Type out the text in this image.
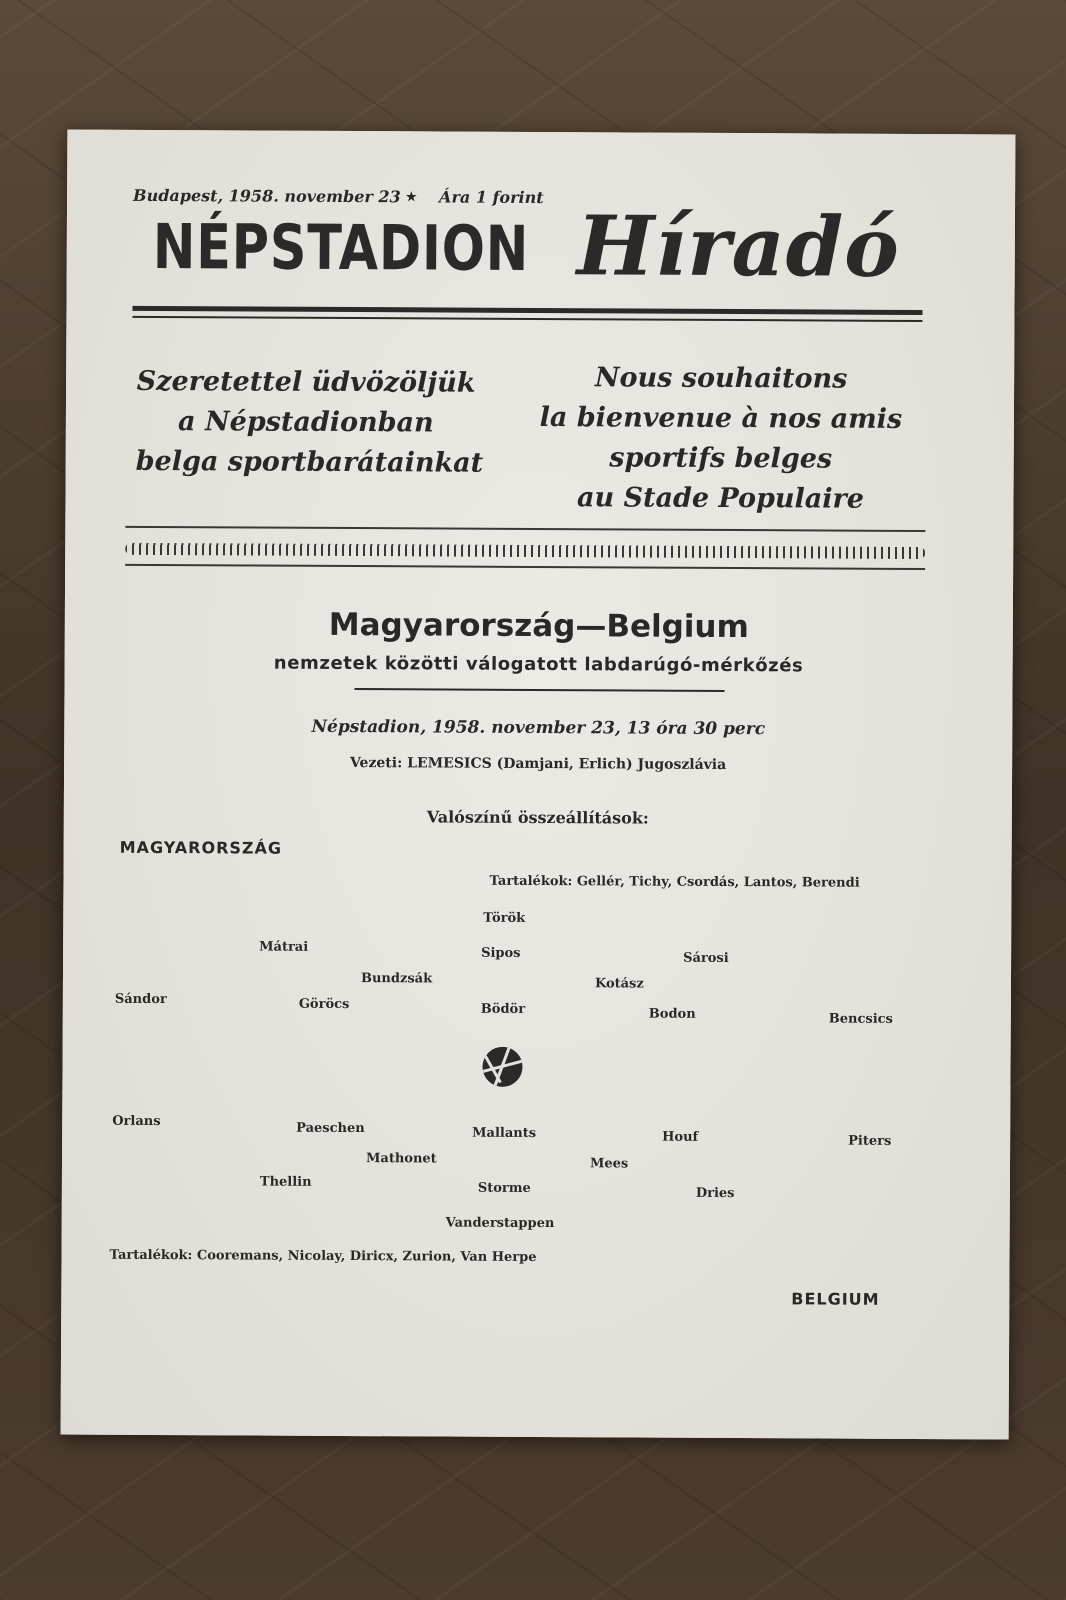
Budapest, 1958. november 23 ★ Ára 1 forint
NÉPSTADION Híradó
Szeretettel üdvözöljük
a Népstadionban
belga sportbarátainkat
Nous souhaitons
la bienvenue à nos amis
sportifs belges
au Stade Populaire
Magyarország—Belgium
nemzetek közötti válogatott labdarúgó-mérkőzés
Népstadion, 1958. november 23, 13 óra 30 perc
Vezeti: LEMESICS (Damjani, Erlich) Jugoszlávia
Valószínű összeállítások:
MAGYARORSZÁG
Tartalékok: Gellér, Tichy, Csordás, Lantos, Berendi
Török
Sipos
Mátrai
Sárosi
Bundzsák	Kotász
Sándor	Göröcs	Bödör	Bodon	Bencsics
Orlans	Paeschen	Mallants	Houf	Piters
Mathonet	Mees
Thellin	Storme	Dries
Vanderstappen
Tartalékok: Cooremans, Nicolay, Diricx, Zurion, Van Herpe
BELGIUM
